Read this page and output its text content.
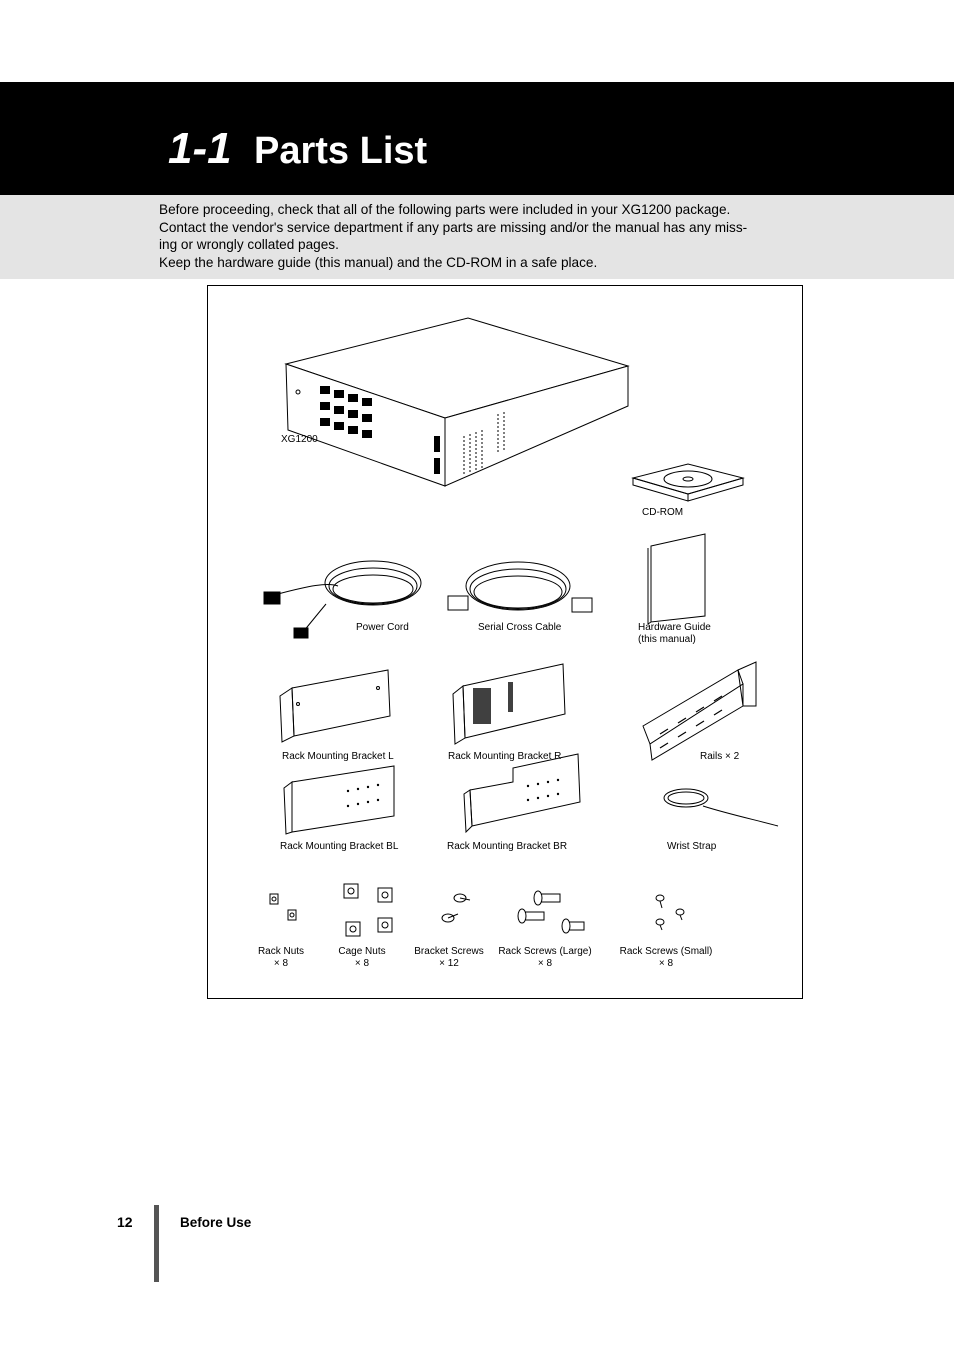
1-1 Parts List

Before proceeding, check that all of the following parts were included in your XG1200 package.
Contact the vendor's service department if any parts are missing and/or the manual has any miss-
ing or wrongly collated pages.
Keep the hardware guide (this manual) and the CD-ROM in a safe place.

XG1200
CD-ROM
Power Cord	Serial Cross Cable	Hardware Guide
(this manual)
Rack Mounting Bracket L	Rack Mounting Bracket R	Rails × 2
Rack Mounting Bracket BL	Rack Mounting Bracket BR	Wrist Strap
Rack Nuts
× 8
Cage Nuts
× 8
Bracket Screws
× 12
Rack Screws (Large)
× 8
Rack Screws (Small)
× 8
12	Before Use
